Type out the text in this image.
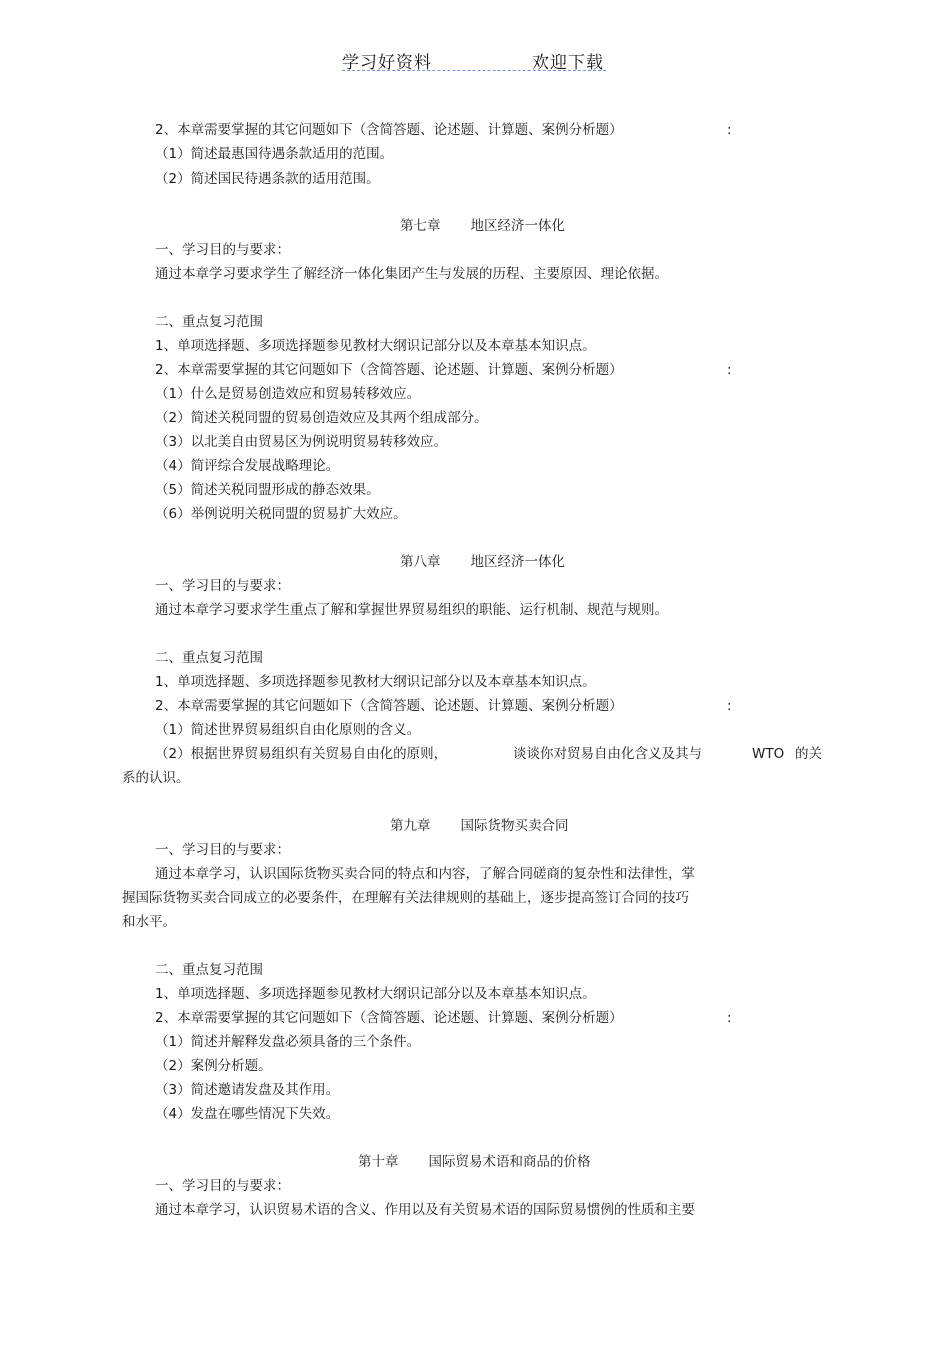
学习好资料	欢迎下载
2、本章需要掌握的其它问题如下（含简答题、论述题、计算题、案例分析题）	:
（1）简述最惠国待遇条款适用的范围。
（2）简述国民待遇条款的适用范围。
第七章 地区经济一体化
一、学习目的与要求：
通过本章学习要求学生了解经济一体化集团产生与发展的历程、主要原因、理论依据。
二、重点复习范围
1、单项选择题、多项选择题参见教材大纲识记部分以及本章基本知识点。
2、本章需要掌握的其它问题如下（含简答题、论述题、计算题、案例分析题）	:
（1）什么是贸易创造效应和贸易转移效应。
（2）简述关税同盟的贸易创造效应及其两个组成部分。
（3）以北美自由贸易区为例说明贸易转移效应。
（4）简评综合发展战略理论。
（5）简述关税同盟形成的静态效果。
（6）举例说明关税同盟的贸易扩大效应。
第八章 地区经济一体化
一、学习目的与要求：
通过本章学习要求学生重点了解和掌握世界贸易组织的职能、运行机制、规范与规则。
二、重点复习范围
1、单项选择题、多项选择题参见教材大纲识记部分以及本章基本知识点。
2、本章需要掌握的其它问题如下（含简答题、论述题、计算题、案例分析题）	:
（1）简述世界贸易组织自由化原则的含义。
（2）根据世界贸易组织有关贸易自由化的原则，	谈谈你对贸易自由化含义及其与	WTO 的关
系的认识。
第九章 国际货物买卖合同
一、学习目的与要求：
通过本章学习，认识国际货物买卖合同的特点和内容，了解合同磋商的复杂性和法律性，掌
握国际货物买卖合同成立的必要条件，在理解有关法律规则的基础上，逐步提高签订合同的技巧
和水平。
二、重点复习范围
1、单项选择题、多项选择题参见教材大纲识记部分以及本章基本知识点。
2、本章需要掌握的其它问题如下（含简答题、论述题、计算题、案例分析题）	:
（1）简述并解释发盘必须具备的三个条件。
（2）案例分析题。
（3）简述邀请发盘及其作用。
（4）发盘在哪些情况下失效。
第十章 国际贸易术语和商品的价格
一、学习目的与要求：
通过本章学习，认识贸易术语的含义、作用以及有关贸易术语的国际贸易惯例的性质和主要
